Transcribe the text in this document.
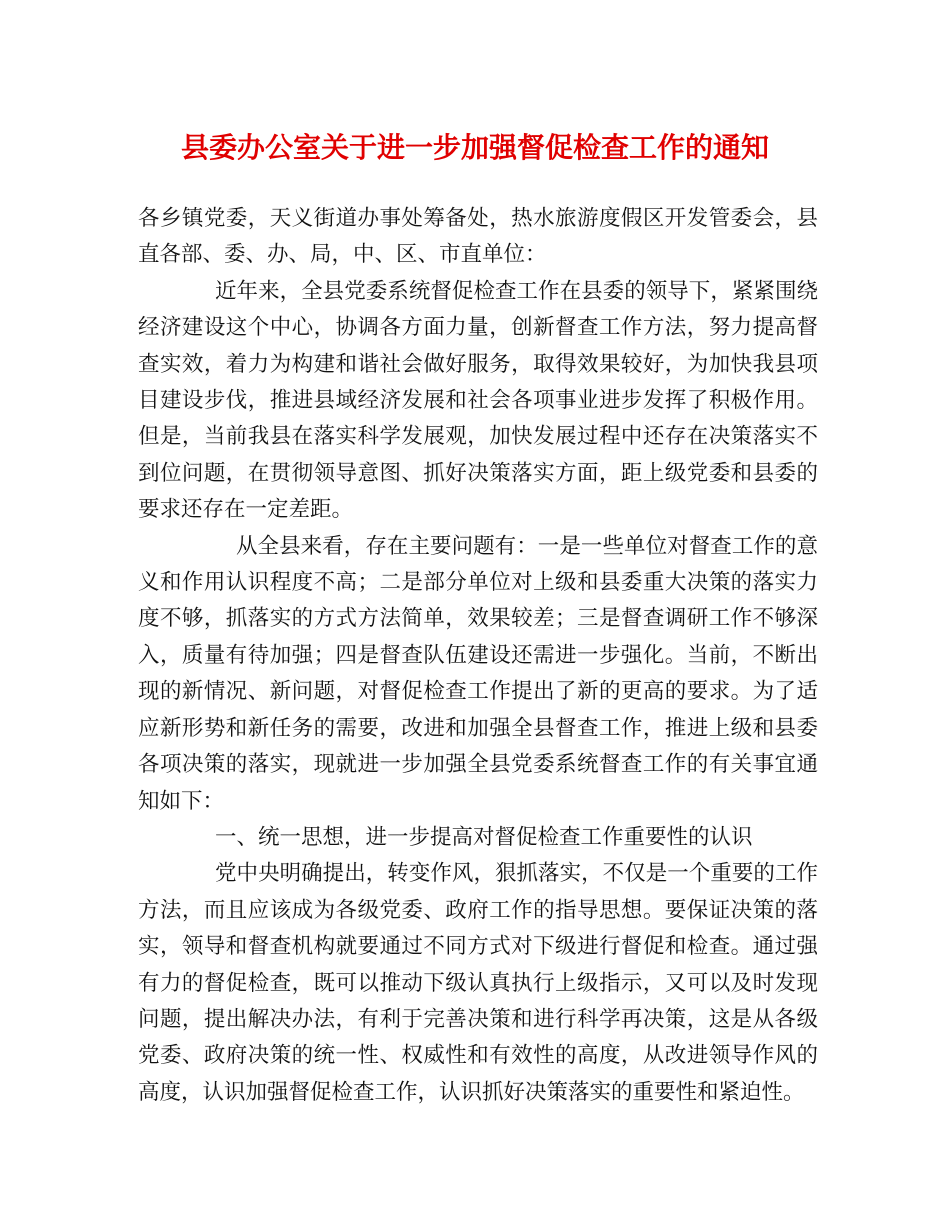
县委办公室关于进一步加强督促检查工作的通知

各乡镇党委，天义街道办事处筹备处，热水旅游度假区开发管委会，县直各部、委、办、局，中、区、市直单位：

近年来，全县党委系统督促检查工作在县委的领导下，紧紧围绕经济建设这个中心，协调各方面力量，创新督查工作方法，努力提高督查实效，着力为构建和谐社会做好服务，取得效果较好，为加快我县项目建设步伐，推进县域经济发展和社会各项事业进步发挥了积极作用。但是，当前我县在落实科学发展观，加快发展过程中还存在决策落实不到位问题，在贯彻领导意图、抓好决策落实方面，距上级党委和县委的要求还存在一定差距。

从全县来看，存在主要问题有：一是一些单位对督查工作的意义和作用认识程度不高；二是部分单位对上级和县委重大决策的落实力度不够，抓落实的方式方法简单，效果较差；三是督查调研工作不够深入，质量有待加强；四是督查队伍建设还需进一步强化。当前，不断出现的新情况、新问题，对督促检查工作提出了新的更高的要求。为了适应新形势和新任务的需要，改进和加强全县督查工作，推进上级和县委各项决策的落实，现就进一步加强全县党委系统督查工作的有关事宜通知如下：

一、统一思想，进一步提高对督促检查工作重要性的认识

党中央明确提出，转变作风，狠抓落实，不仅是一个重要的工作方法，而且应该成为各级党委、政府工作的指导思想。要保证决策的落实，领导和督查机构就要通过不同方式对下级进行督促和检查。通过强有力的督促检查，既可以推动下级认真执行上级指示，又可以及时发现问题，提出解决办法，有利于完善决策和进行科学再决策，这是从各级党委、政府决策的统一性、权威性和有效性的高度，从改进领导作风的高度，认识加强督促检查工作，认识抓好决策落实的重要性和紧迫性。
